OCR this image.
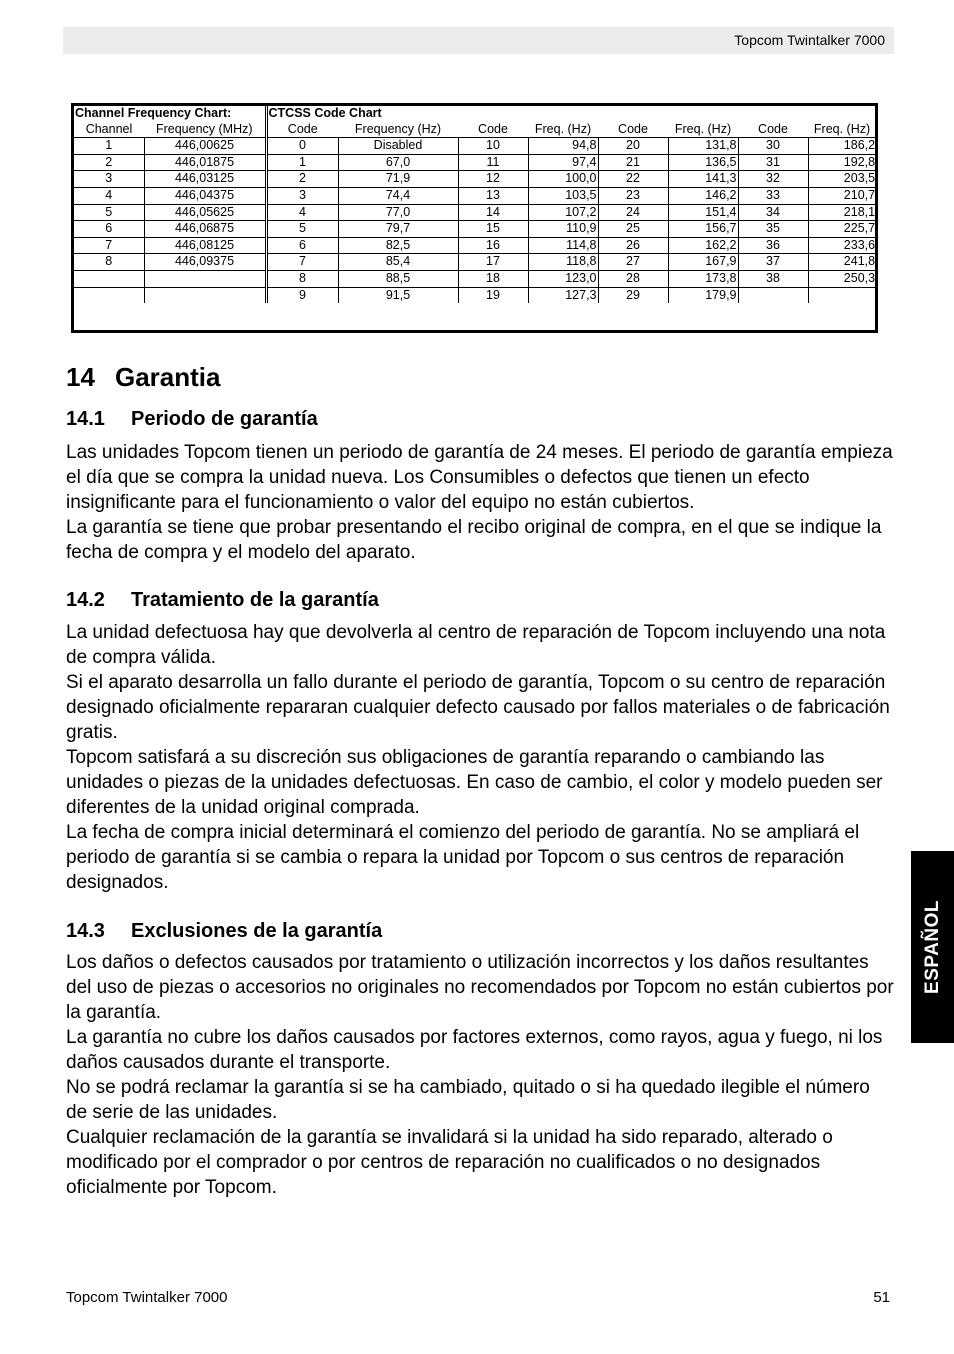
Topcom Twintalker 7000
Channel Frequency Chart:		CTCSS Code Chart							
Channel	Frequency (MHz)	Code	Frequency (Hz)	Code	Freq. (Hz)	Code	Freq. (Hz)	Code	Freq. (Hz)
1	446,00625	0	Disabled	10	94,8	20	131,8	30	186,2
2	446,01875	1	67,0	11	97,4	21	136,5	31	192,8
3	446,03125	2	71,9	12	100,0	22	141,3	32	203,5
4	446,04375	3	74,4	13	103,5	23	146,2	33	210,7
5	446,05625	4	77,0	14	107,2	24	151,4	34	218,1
6	446,06875	5	79,7	15	110,9	25	156,7	35	225,7
7	446,08125	6	82,5	16	114,8	26	162,2	36	233,6
8	446,09375	7	85,4	17	118,8	27	167,9	37	241,8
		8	88,5	18	123,0	28	173,8	38	250,3
		9	91,5	19	127,3	29	179,9		
14 Garantia
14.1 Periodo de garantía

Las unidades Topcom tienen un periodo de garantía de 24 meses. El periodo de garantía empieza el día que se compra la unidad nueva. Los Consumibles o defectos que tienen un efecto insignificante para el funcionamiento o valor del equipo no están cubiertos.

La garantía se tiene que probar presentando el recibo original de compra, en el que se indique la fecha de compra y el modelo del aparato.

14.2 Tratamiento de la garantía

La unidad defectuosa hay que devolverla al centro de reparación de Topcom incluyendo una nota de compra válida.

Si el aparato desarrolla un fallo durante el periodo de garantía, Topcom o su centro de reparación designado oficialmente repararan cualquier defecto causado por fallos materiales o de fabricación gratis.

Topcom satisfará a su discreción sus obligaciones de garantía reparando o cambiando las unidades o piezas de la unidades defectuosas. En caso de cambio, el color y modelo pueden ser diferentes de la unidad original comprada.

La fecha de compra inicial determinará el comienzo del periodo de garantía. No se ampliará el periodo de garantía si se cambia o repara la unidad por Topcom o sus centros de reparación designados.

14.3 Exclusiones de la garantía

Los daños o defectos causados por tratamiento o utilización incorrectos y los daños resultantes del uso de piezas o accesorios no originales no recomendados por Topcom no están cubiertos por la garantía.

La garantía no cubre los daños causados por factores externos, como rayos, agua y fuego, ni los daños causados durante el transporte.

No se podrá reclamar la garantía si se ha cambiado, quitado o si ha quedado ilegible el número de serie de las unidades.

Cualquier reclamación de la garantía se invalidará si la unidad ha sido reparado, alterado o modificado por el comprador o por centros de reparación no cualificados o no designados oficialmente por Topcom.

ESPAÑOL
Topcom Twintalker 7000	51
